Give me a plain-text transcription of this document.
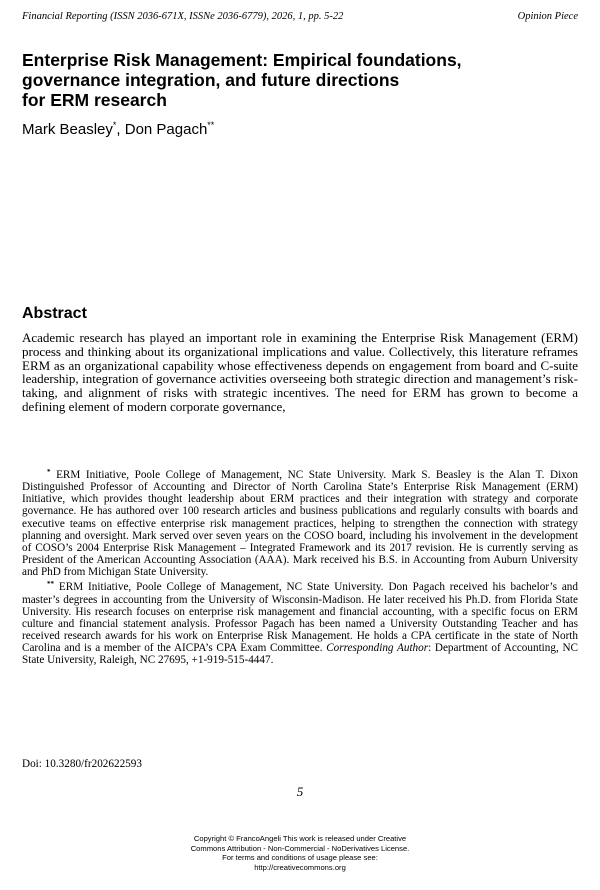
Financial Reporting (ISSN 2036-671X, ISSNe 2036-6779), 2026, 1, pp. 5-22	Opinion Piece
Enterprise Risk Management: Empirical foundations,
governance integration, and future directions
for ERM research
Mark Beasley*, Don Pagach**
Abstract
Academic research has played an important role in examining the Enterprise Risk Management (ERM) process and thinking about its organizational implications and value. Collectively, this literature reframes ERM as an organizational capability whose effectiveness depends on engagement from board and C-suite leadership, integration of governance activities overseeing both strategic direction and management’s risk-taking, and alignment of risks with strategic incentives. The need for ERM has grown to become a defining element of modern corporate governance,

* ERM Initiative, Poole College of Management, NC State University. Mark S. Beasley is the Alan T. Dixon Distinguished Professor of Accounting and Director of North Carolina State’s Enterprise Risk Management (ERM) Initiative, which provides thought leadership about ERM practices and their integration with strategy and corporate governance. He has authored over 100 research articles and business publications and regularly consults with boards and executive teams on effective enterprise risk management practices, helping to strengthen the connection with strategy planning and oversight. Mark served over seven years on the COSO board, including his involvement in the development of COSO’s 2004 Enterprise Risk Management – Integrated Framework and its 2017 revision. He is currently serving as President of the American Accounting Association (AAA). Mark received his B.S. in Accounting from Auburn University and PhD from Michigan State University.

** ERM Initiative, Poole College of Management, NC State University. Don Pagach received his bachelor’s and master’s degrees in accounting from the University of Wisconsin-Madison. He later received his Ph.D. from Florida State University. His research focuses on enterprise risk management and financial accounting, with a specific focus on ERM culture and financial statement analysis. Professor Pagach has been named a University Outstanding Teacher and has received research awards for his work on Enterprise Risk Management. He holds a CPA certificate in the state of North Carolina and is a member of the AICPA’s CPA Exam Committee. Corresponding Author: Department of Accounting, NC State University, Raleigh, NC 27695, +1-919-515-4447.

Doi: 10.3280/fr202622593
5
Copyright © FrancoAngeli This work is released under Creative
Commons Attribution - Non-Commercial - NoDerivatives License.
For terms and conditions of usage please see:
http://creativecommons.org
